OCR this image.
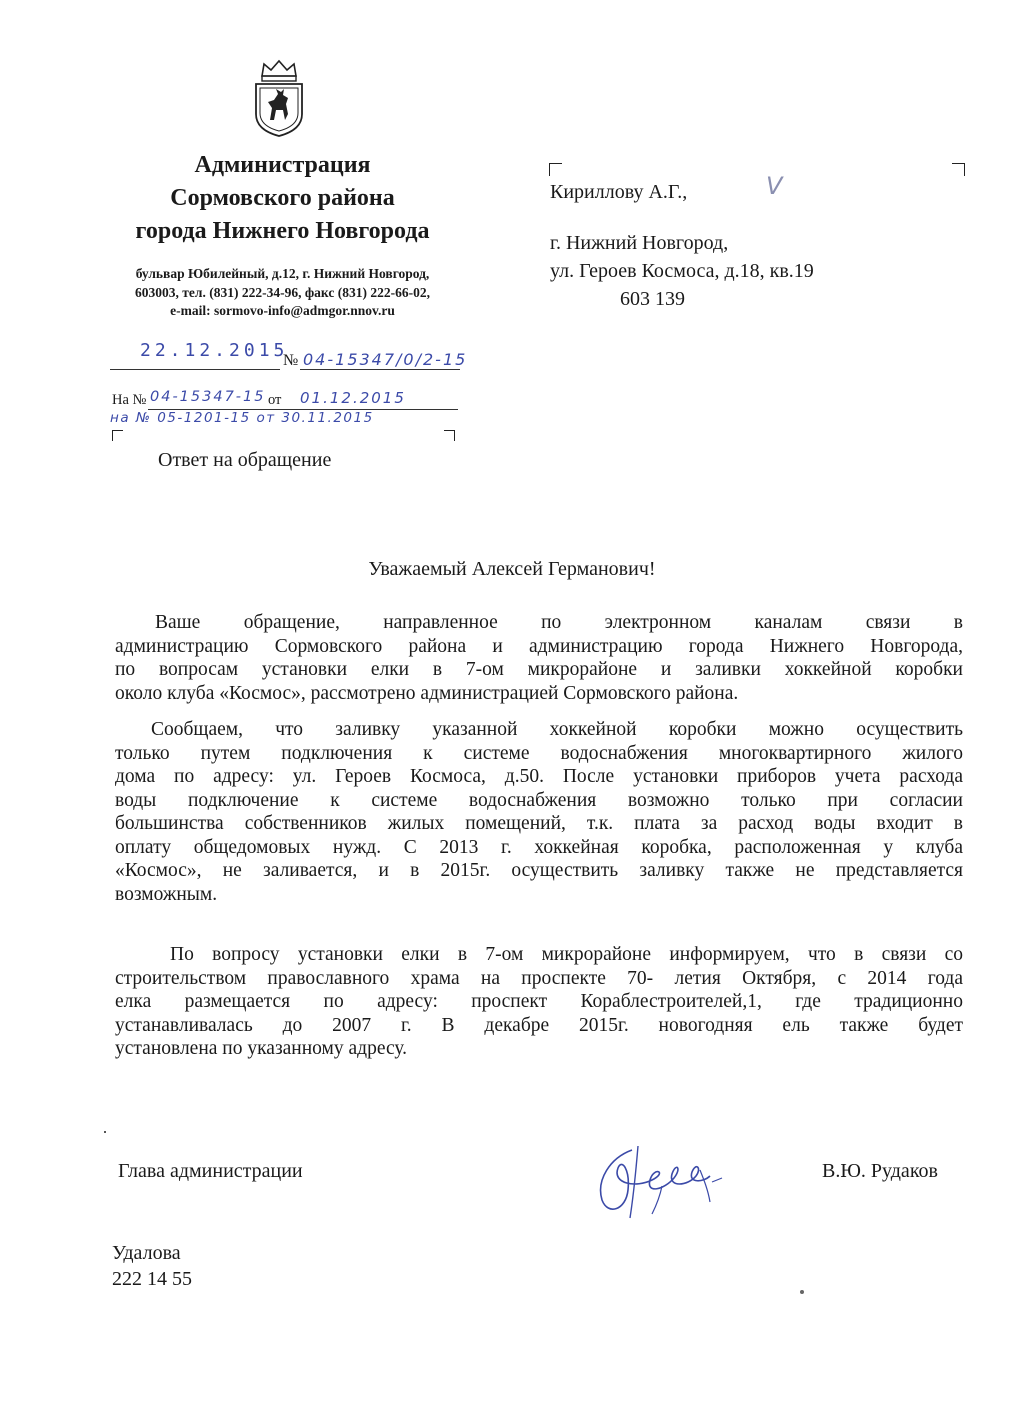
Администрация
Сормовского района
города Нижнего Новгорода
бульвар Юбилейный, д.12, г. Нижний Новгород,
603003, тел. (831) 222-34-96, факс (831) 222-66-02,
e-mail: sormovo-info@admgor.nnov.ru
22.12.2015
№ 04-15347/0/2-15
На № 04-15347-15 от 01.12.2015
на № 05-1201-15 от 30.11.2015
Ответ на обращение
Кириллову А.Г.,	V
г. Нижний Новгород,
ул. Героев Космоса, д.18, кв.19
603 139
Уважаемый Алексей Германович!
Ваше обращение, направленное по электронном каналам связи в
администрацию Сормовского района и администрацию города Нижнего Новгорода,
по вопросам установки елки в 7-ом микрорайоне и заливки хоккейной коробки
около клуба «Космос», рассмотрено администрацией Сормовского района.
Сообщаем, что заливку указанной хоккейной коробки можно осуществить
только путем подключения к системе водоснабжения многоквартирного жилого
дома по адресу: ул. Героев Космоса, д.50. После установки приборов учета расхода
воды подключение к системе водоснабжения возможно только при согласии
большинства собственников жилых помещений, т.к. плата за расход воды входит в
оплату общедомовых нужд. С 2013 г. хоккейная коробка, расположенная у клуба
«Космос», не заливается, и в 2015г. осуществить заливку также не представляется
возможным.
По вопросу установки елки в 7-ом микрорайоне информируем, что в связи со
строительством православного храма на проспекте 70- летия Октября, с 2014 года
елка размещается по адресу: проспект Кораблестроителей,1, где традиционно
устанавливалась до 2007 г. В декабре 2015г. новогодняя ель также будет
установлена по указанному адресу.
Глава администрации	В.Ю. Рудаков
Удалова
222 14 55
